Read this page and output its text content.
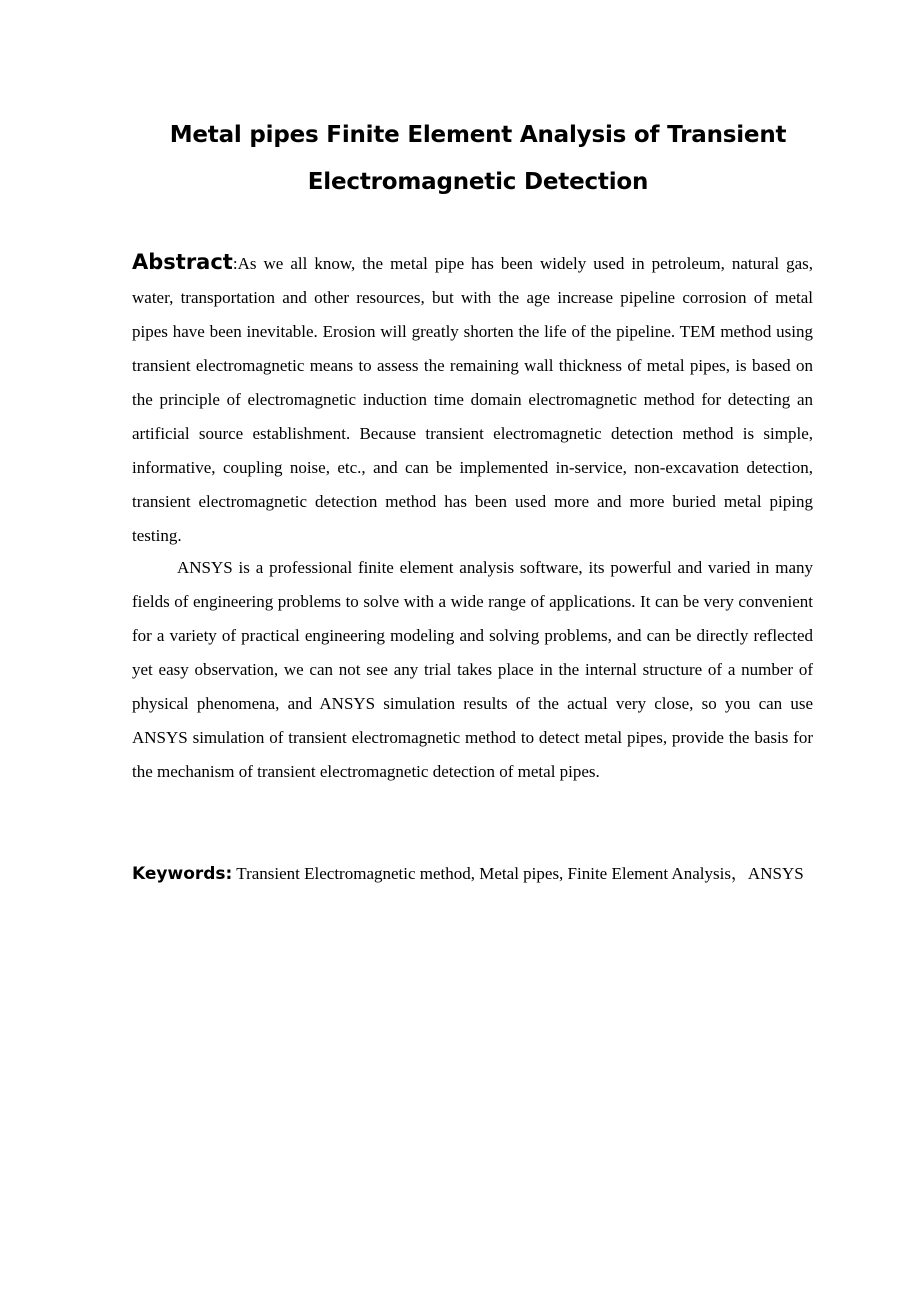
Metal pipes Finite Element Analysis of Transient Electromagnetic Detection

Abstract:As we all know, the metal pipe has been widely used in petroleum, natural gas, water, transportation and other resources, but with the age increase pipeline corrosion of metal pipes have been inevitable. Erosion will greatly shorten the life of the pipeline. TEM method using transient electromagnetic means to assess the remaining wall thickness of metal pipes, is based on the principle of electromagnetic induction time domain electromagnetic method for detecting an artificial source establishment. Because transient electromagnetic detection method is simple, informative, coupling noise, etc., and can be implemented in-service, non-excavation detection, transient electromagnetic detection method has been used more and more buried metal piping testing.

ANSYS is a professional finite element analysis software, its powerful and varied in many fields of engineering problems to solve with a wide range of applications. It can be very convenient for a variety of practical engineering modeling and solving problems, and can be directly reflected yet easy observation, we can not see any trial takes place in the internal structure of a number of physical phenomena, and ANSYS simulation results of the actual very close, so you can use ANSYS simulation of transient electromagnetic method to detect metal pipes, provide the basis for the mechanism of transient electromagnetic detection of metal pipes.

Keywords: Transient Electromagnetic method, Metal pipes, Finite Element Analysis，ANSYS
